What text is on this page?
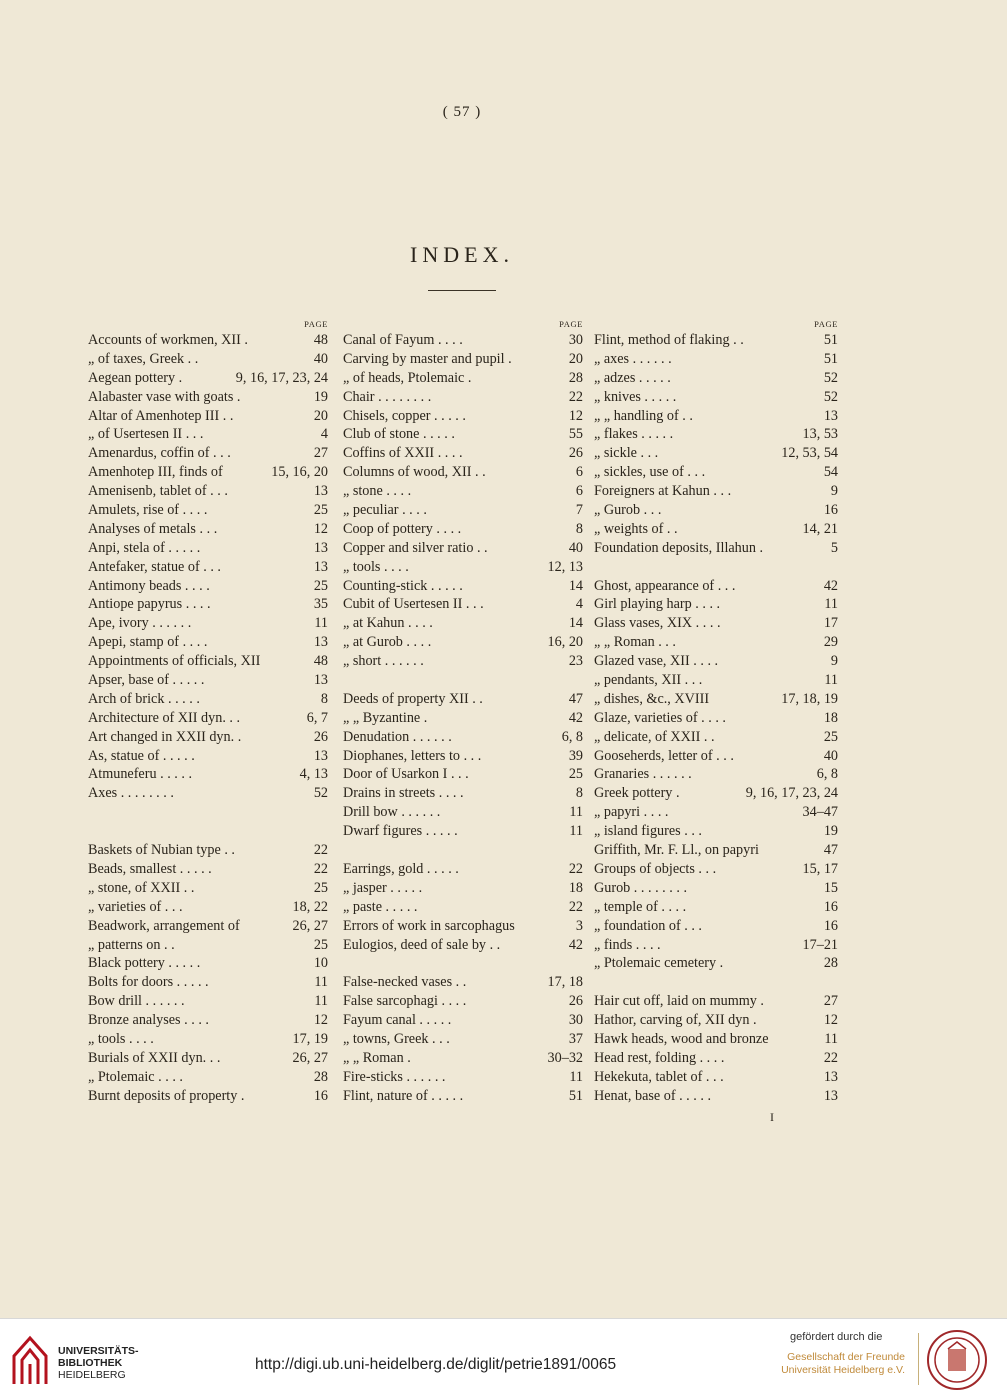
( 57 )
INDEX.
PAGE
Accounts of workmen, XII .	48
„ of taxes, Greek . .	40
Aegean pottery .	9, 16, 17, 23, 24
Alabaster vase with goats .	19
Altar of Amenhotep III . .	20
„ of Usertesen II . . .	4
Amenardus, coffin of . . .	27
Amenhotep III, finds of	15, 16, 20
Amenisenb, tablet of . . .	13
Amulets, rise of . . . .	25
Analyses of metals . . .	12
Anpi, stela of . . . . .	13
Antefaker, statue of . . .	13
Antimony beads . . . .	25
Antiope papyrus . . . .	35
Ape, ivory . . . . . .	11
Apepi, stamp of . . . .	13
Appointments of officials, XII	48
Apser, base of . . . . .	13
Arch of brick . . . . .	8
Architecture of XII dyn. . .	6, 7
Art changed in XXII dyn. .	26
As, statue of . . . . .	13
Atmuneferu . . . . .	4, 13
Axes . . . . . . . .	52
Baskets of Nubian type . .	22
Beads, smallest . . . . .	22
„ stone, of XXII . .	25
„ varieties of . . .	18, 22
Beadwork, arrangement of	26, 27
„ patterns on . .	25
Black pottery . . . . .	10
Bolts for doors . . . . .	11
Bow drill . . . . . .	11
Bronze analyses . . . .	12
„ tools . . . .	17, 19
Burials of XXII dyn. . .	26, 27
„ Ptolemaic . . . .	28
Burnt deposits of property .	16
PAGE
Canal of Fayum . . . .	30
Carving by master and pupil .	20
„ of heads, Ptolemaic .	28
Chair . . . . . . . .	22
Chisels, copper . . . . .	12
Club of stone . . . . .	55
Coffins of XXII . . . .	26
Columns of wood, XII . .	6
„ stone . . . .	6
„ peculiar . . . .	7
Coop of pottery . . . .	8
Copper and silver ratio . .	40
„ tools . . . .	12, 13
Counting-stick . . . . .	14
Cubit of Usertesen II . . .	4
„ at Kahun . . . .	14
„ at Gurob . . . .	16, 20
„ short . . . . . .	23
Deeds of property XII . .	47
„ „ Byzantine .	42
Denudation . . . . . .	6, 8
Diophanes, letters to . . .	39
Door of Usarkon I . . .	25
Drains in streets . . . .	8
Drill bow . . . . . .	11
Dwarf figures . . . . .	11
Earrings, gold . . . . .	22
„ jasper . . . . .	18
„ paste . . . . .	22
Errors of work in sarcophagus	3
Eulogios, deed of sale by . .	42
False-necked vases . .	17, 18
False sarcophagi . . . .	26
Fayum canal . . . . .	30
„ towns, Greek . . .	37
„ „ Roman .	30–32
Fire-sticks . . . . . .	11
Flint, nature of . . . . .	51
PAGE
Flint, method of flaking . .	51
„ axes . . . . . .	51
„ adzes . . . . .	52
„ knives . . . . .	52
„ „ handling of . .	13
„ flakes . . . . .	13, 53
„ sickle . . .	12, 53, 54
„ sickles, use of . . .	54
Foreigners at Kahun . . .	9
„ Gurob . . .	16
„ weights of . .	14, 21
Foundation deposits, Illahun .	5
Ghost, appearance of . . .	42
Girl playing harp . . . .	11
Glass vases, XIX . . . .	17
„ „ Roman . . .	29
Glazed vase, XII . . . .	9
„ pendants, XII . . .	11
„ dishes, &c., XVIII	17, 18, 19
Glaze, varieties of . . . .	18
„ delicate, of XXII . .	25
Gooseherds, letter of . . .	40
Granaries . . . . . .	6, 8
Greek pottery .	9, 16, 17, 23, 24
„ papyri . . . .	34–47
„ island figures . . .	19
Griffith, Mr. F. Ll., on papyri	47
Groups of objects . . .	15, 17
Gurob . . . . . . . .	15
„ temple of . . . .	16
„ foundation of . . .	16
„ finds . . . .	17–21
„ Ptolemaic cemetery .	28
Hair cut off, laid on mummy .	27
Hathor, carving of, XII dyn .	12
Hawk heads, wood and bronze	11
Head rest, folding . . . .	22
Hekekuta, tablet of . . .	13
Henat, base of . . . . .	13
I
UNIVERSITÄTS-
BIBLIOTHEK
HEIDELBERG
http://digi.ub.uni-heidelberg.de/diglit/petrie1891/0065
gefördert durch die
Gesellschaft der Freunde
Universität Heidelberg e.V.
